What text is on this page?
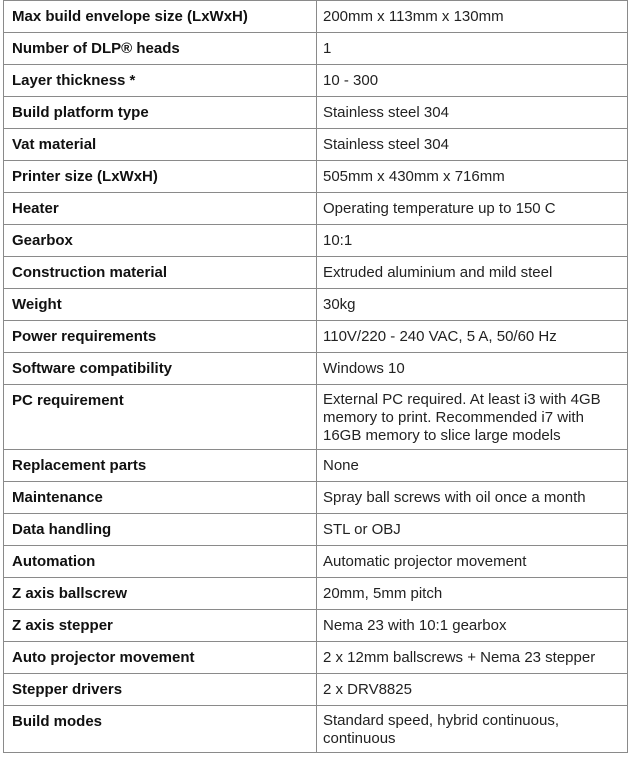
Max build envelope size (LxWxH)	200mm x 113mm x 130mm

Number of DLP® heads	1

Layer thickness *	10 - 300

Build platform type	Stainless steel 304

Vat material	Stainless steel 304

Printer size (LxWxH)	505mm x 430mm x 716mm

Heater	Operating temperature up to 150 C

Gearbox	10:1

Construction material	Extruded aluminium and mild steel

Weight	30kg

Power requirements	110V/220 - 240 VAC, 5 A, 50/60 Hz

Software compatibility	Windows 10

PC requirement	External PC required. At least i3 with 4GB
memory to print. Recommended i7 with
16GB memory to slice large models

Replacement parts	None

Maintenance	Spray ball screws with oil once a month

Data handling	STL or OBJ

Automation	Automatic projector movement

Z axis ballscrew	20mm, 5mm pitch

Z axis stepper	Nema 23 with 10:1 gearbox

Auto projector movement	2 x 12mm ballscrews + Nema 23 stepper

Stepper drivers	2 x DRV8825

Build modes	Standard speed, hybrid continuous,
continuous
